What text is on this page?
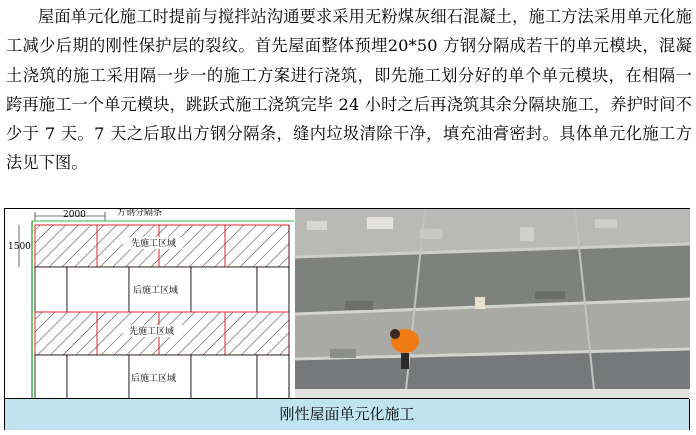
屋面单元化施工时提前与搅拌站沟通要求采用无粉煤灰细石混凝土，施工方法采用单元化施工减少后期的刚性保护层的裂纹。首先屋面整体预埋20*50 方钢分隔成若干的单元模块，混凝土浇筑的施工采用隔一步一的施工方案进行浇筑，即先施工划分好的单个单元模块，在相隔一跨再施工一个单元模块，跳跃式施工浇筑完毕 24 小时之后再浇筑其余分隔块施工，养护时间不少于 7 天。7 天之后取出方钢分隔条，缝内垃圾清除干净，填充油膏密封。具体单元化施工方法见下图。
2000	方钢分隔条
1500	先施工区域
后施工区域
先施工区域
后施工区域
刚性屋面单元化施工
